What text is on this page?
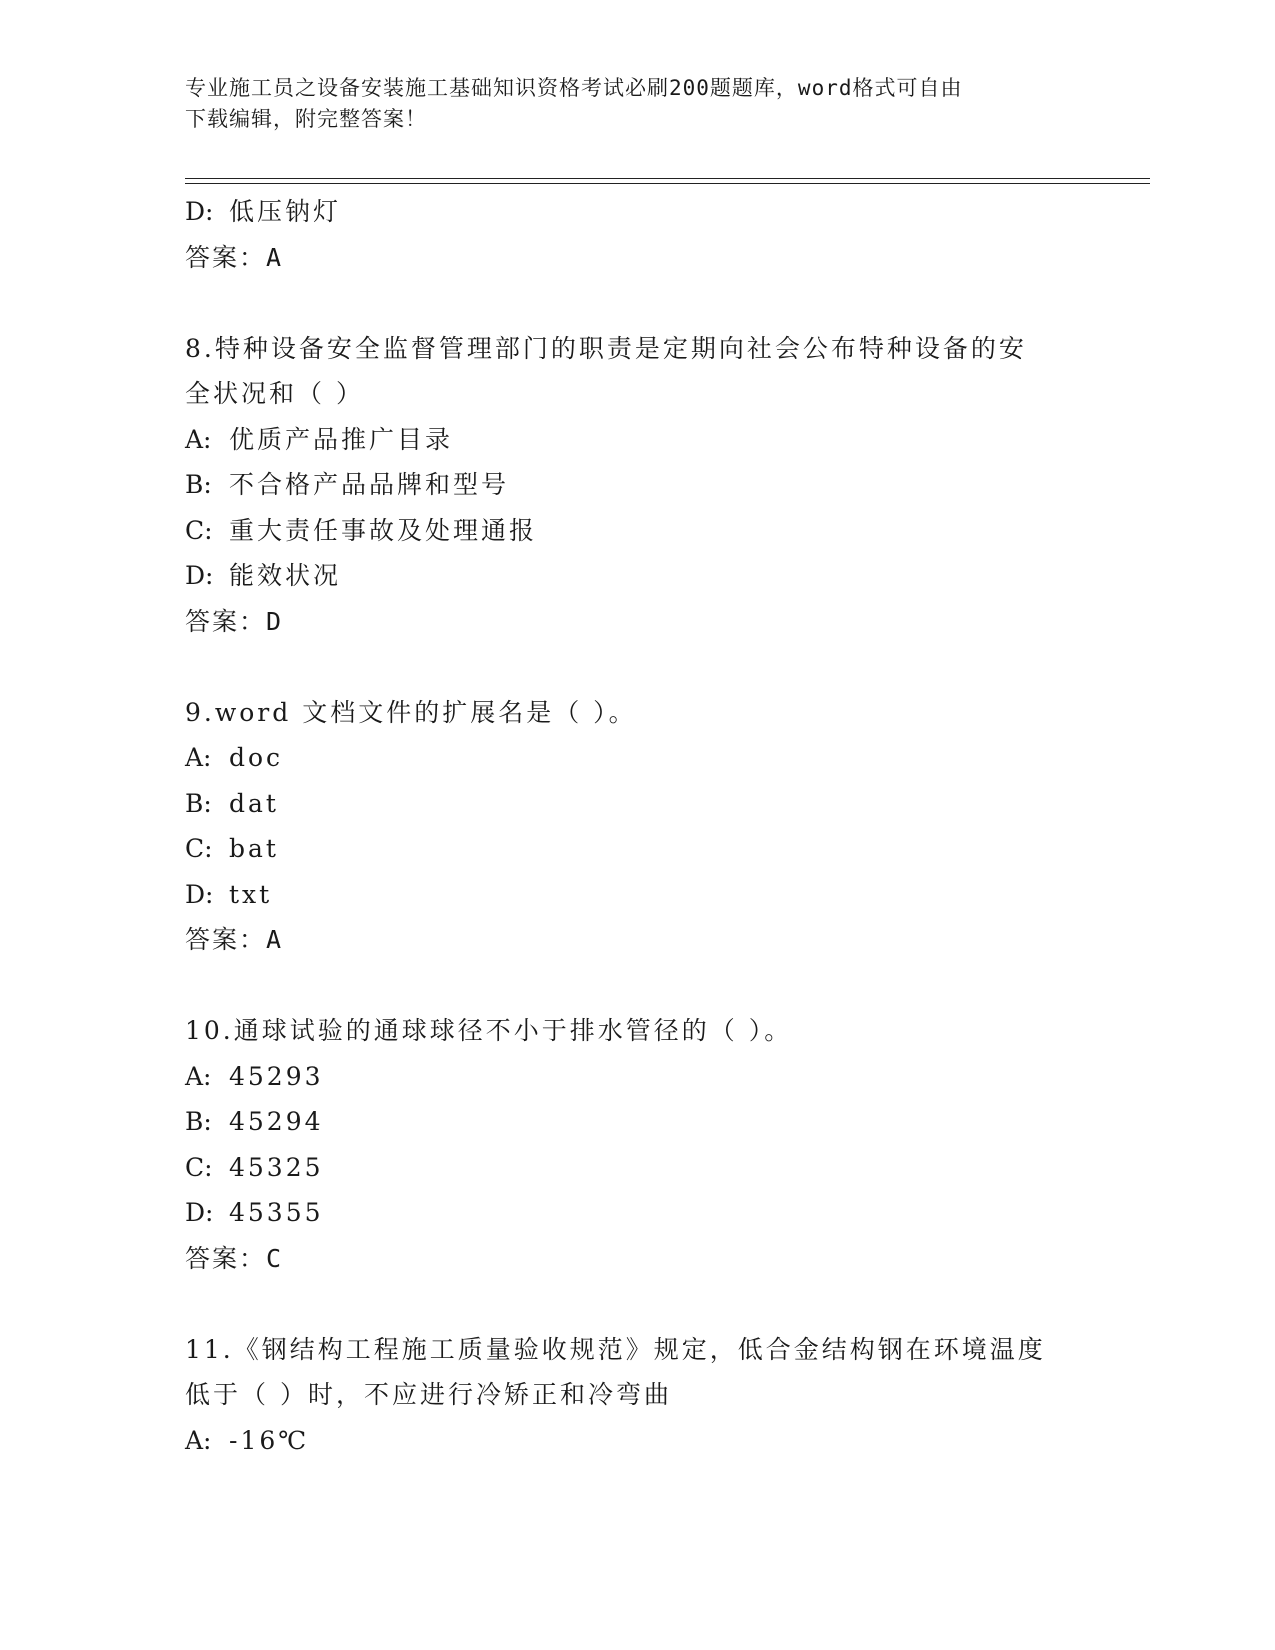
专业施工员之设备安装施工基础知识资格考试必刷200题题库，word格式可自由
下载编辑，附完整答案！
D: 低压钠灯
答案：A
8.特种设备安全监督管理部门的职责是定期向社会公布特种设备的安
全状况和（ ）
A: 优质产品推广目录
B: 不合格产品品牌和型号
C: 重大责任事故及处理通报
D: 能效状况
答案：D
9.word 文档文件的扩展名是（ ）。
A: doc
B: dat
C: bat
D: txt
答案：A
10.通球试验的通球球径不小于排水管径的（ ）。
A: 45293
B: 45294
C: 45325
D: 45355
答案：C
11.《钢结构工程施工质量验收规范》规定，低合金结构钢在环境温度
低于（ ）时，不应进行冷矫正和冷弯曲
A: -16℃
